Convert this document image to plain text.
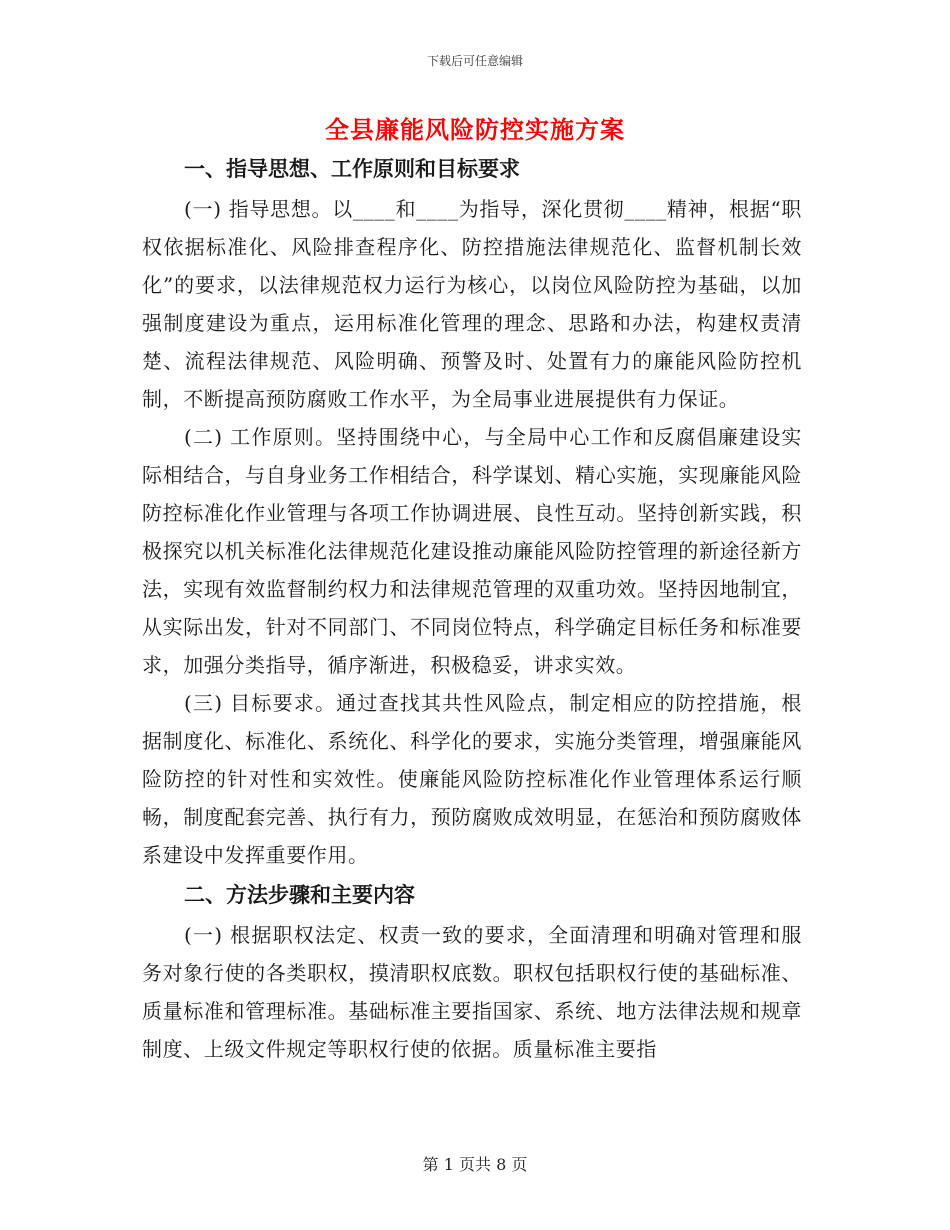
下载后可任意编辑
全县廉能风险防控实施方案
一、指导思想、工作原则和目标要求

(一) 指导思想。以____和____为指导，深化贯彻____精神，根据“职权依据标准化、风险排查程序化、防控措施法律规范化、监督机制长效化”的要求，以法律规范权力运行为核心，以岗位风险防控为基础，以加强制度建设为重点，运用标准化管理的理念、思路和办法，构建权责清楚、流程法律规范、风险明确、预警及时、处置有力的廉能风险防控机制，不断提高预防腐败工作水平，为全局事业进展提供有力保证。

(二) 工作原则。坚持围绕中心，与全局中心工作和反腐倡廉建设实际相结合，与自身业务工作相结合，科学谋划、精心实施，实现廉能风险防控标准化作业管理与各项工作协调进展、良性互动。坚持创新实践，积极探究以机关标准化法律规范化建设推动廉能风险防控管理的新途径新方法，实现有效监督制约权力和法律规范管理的双重功效。坚持因地制宜，从实际出发，针对不同部门、不同岗位特点，科学确定目标任务和标准要求，加强分类指导，循序渐进，积极稳妥，讲求实效。

(三) 目标要求。通过查找其共性风险点，制定相应的防控措施，根据制度化、标准化、系统化、科学化的要求，实施分类管理，增强廉能风险防控的针对性和实效性。使廉能风险防控标准化作业管理体系运行顺畅，制度配套完善、执行有力，预防腐败成效明显，在惩治和预防腐败体系建设中发挥重要作用。

二、方法步骤和主要内容

(一) 根据职权法定、权责一致的要求，全面清理和明确对管理和服务对象行使的各类职权，摸清职权底数。职权包括职权行使的基础标准、质量标准和管理标准。基础标准主要指国家、系统、地方法律法规和规章制度、上级文件规定等职权行使的依据。质量标准主要指

第 1 页共 8 页
